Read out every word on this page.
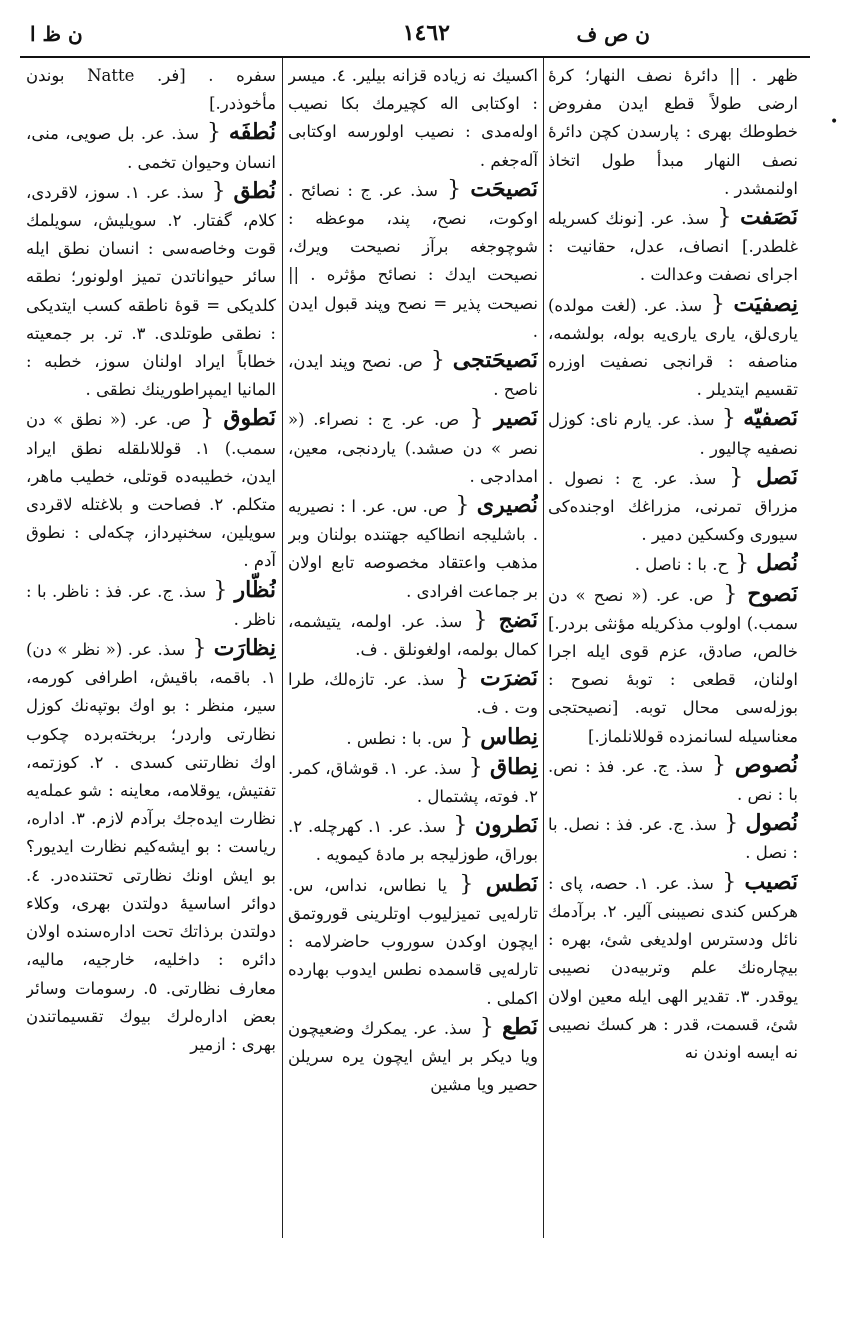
ن ص ف
١٤٦٢
ن ظ ا
•

ظهر . || دائرهٔ نصف النهار؛ كرهٔ ارضی طولاً قطع ایدن مفروض خطوطك بهری : پارسدن كچن دائرهٔ نصف النهار مبدأ طول اتخاذ اولنمشدر .

نَصَفت { سذ. عر. [نونك كسريله غلطدر.] انصاف، عدل، حقانيت : اجرای نصفت وعدالت .

نِصفيَت { سذ. عر. (لغت مولده) يارى‌لق، يارى يارى‌يه بوله، بولشمه، مناصفه : قرانجى نصفيت اوزره تقسيم ايتديلر .

نَصفيّه { سذ. عر. يارم ناى: كوزل نصفيه چاليور .

نَصل { سذ. عر. ج : نصول . مزراق تمرنى، مزراغك اوجنده‌كى سيورى وكسكين دمير .

نُصل { ح. با : ناصل .

نَصوح { ص. عر. (« نصح » دن سمب.) اولوب مذكريله مؤنثى بردر.] خالص، صادق، عزم قوى ايله اجرا اولنان، قطعى : توبهٔ نصوح : بوزله‌سى محال توبه. [نصيحتجى معناسيله لسانمزده قوللانلماز.]

نُصوص { سذ. ج. عر. فذ : نص. با : نص .

نُصول { سذ. ج. عر. فذ : نصل. با : نصل .

نَصيب { سذ. عر. ١. حصه، پاى : هركس كندى نصيبنى آلير. ٢. برآدمك نائل ودسترس اولديغى شئ، بهره : بيچاره‌نك علم وتربيه‌دن نصيبى يوقدر. ٣. تقدير الهى ايله معين اولان شئ، قسمت، قدر : هر كسك نصيبى نه ايسه اوندن نه

اكسيك نه زياده قزانه بيلير. ٤. ميسر : اوكتابى اله كچيرمك بكا نصيب اوله‌مدى : نصيب اولورسه اوكتابى آله‌جغم .

نَصيحَت { سذ. عر. ج : نصائح . اوكوت، نصح، پند، موعظه : شوچوجغه برآز نصيحت ويرك، نصيحت ايدك : نصائح مؤثره . || نصيحت پذير = نصح وپند قبول ايدن .

نَصيحَتجى { ص. نصح وپند ايدن، ناصح .

نَصير { ص. عر. ج : نصراء. (« نصر » دن صشد.) ياردنجى، معين، امدادجى .

نُصيرى { ص. س. عر. ا : نصيريه . باشليجه انطاكيه جهتنده بولنان وبر مذهب واعتقاد مخصوصه تابع اولان بر جماعت افرادى .

نَضج { سذ. عر. اولمه، يتيشمه، كمال بولمه، اولغونلق . ف.

نَضرَت { سذ. عر. تازه‌لك، طرا وت . ف.

نِطاس { س. با : نطس .

نِطاق { سذ. عر. ١. قوشاق، كمر. ٢. فوته، پشتمال .

نَطرون { سذ. عر. ١. كهرچله. ٢. بوراق، طوزليجه بر مادهٔ كيمويه .

نَطس { يا نطاس، نداس، س. تارله‌يى تميزليوب اوتلرينى قوروتمق ايچون اوكدن سوروب حاضرلامه : تارله‌يى قاسمده نطس ايدوب بهارده اكملى .

نَطع { سذ. عر. يمكرك وضعيچون ويا ديكر بر ايش ايچون يره سريلن حصير ويا مشين

سفره . [فر. Natte بوندن مأخوذدر.]

نُطفَه { سذ. عر. بل صويى، منى، انسان وحيوان تخمى .

نُطق { سذ. عر. ١. سوز، لاقردى، كلام، گفتار. ٢. سويليش، سويلمك قوت وخاصه‌سى : انسان نطق ايله سائر حيواناتدن تميز اولونور؛ نطقه كلديكى = قوهٔ ناطقه كسب ايتديكى : نطقى طوتلدى. ٣. تر. بر جمعيته خطاباً ايراد اولنان سوز، خطبه : المانيا ايمپراطورينك نطقى .

نَطوق { ص. عر. (« نطق » دن سمب.) ١. قوللاىلقله نطق ايراد ايدن، خطيبه‌ده قوتلى، خطيب ماهر، متكلم. ٢. فصاحت و بلاغتله لاقردى سويلين، سخنپرداز، چكه‌لى : نطوق آدم .

نُظّار { سذ. ج. عر. فذ : ناظر. با : ناظر .

نِظارَت { سذ. عر. (« نظر » دن) ١. باقمه، باقيش، اطرافى كورمه، سير، منظر : بو اوك بوتپه‌نك كوزل نظارتى واردر؛ بربخته‌برده چكوب اوك نظارتنى كسدى . ٢. كوزتمه، تفتيش، يوقلامه، معاينه : شو عمله‌يه نظارت ايده‌جك برآدم لازم. ٣. اداره، رياست : بو ايشه‌كيم نظارت ايديور؟ بو ايش اونك نظارتى تحتنده‌در. ٤. دوائر اساسيهٔ دولتدن بهرى، وكلاء دولتدن برذاتك تحت اداره‌سنده اولان دائره : داخليه، خارجيه، ماليه، معارف نظارتى. ٥. رسومات وسائر بعض اداره‌لرك بيوك تقسيماتندن بهرى : ازمير
